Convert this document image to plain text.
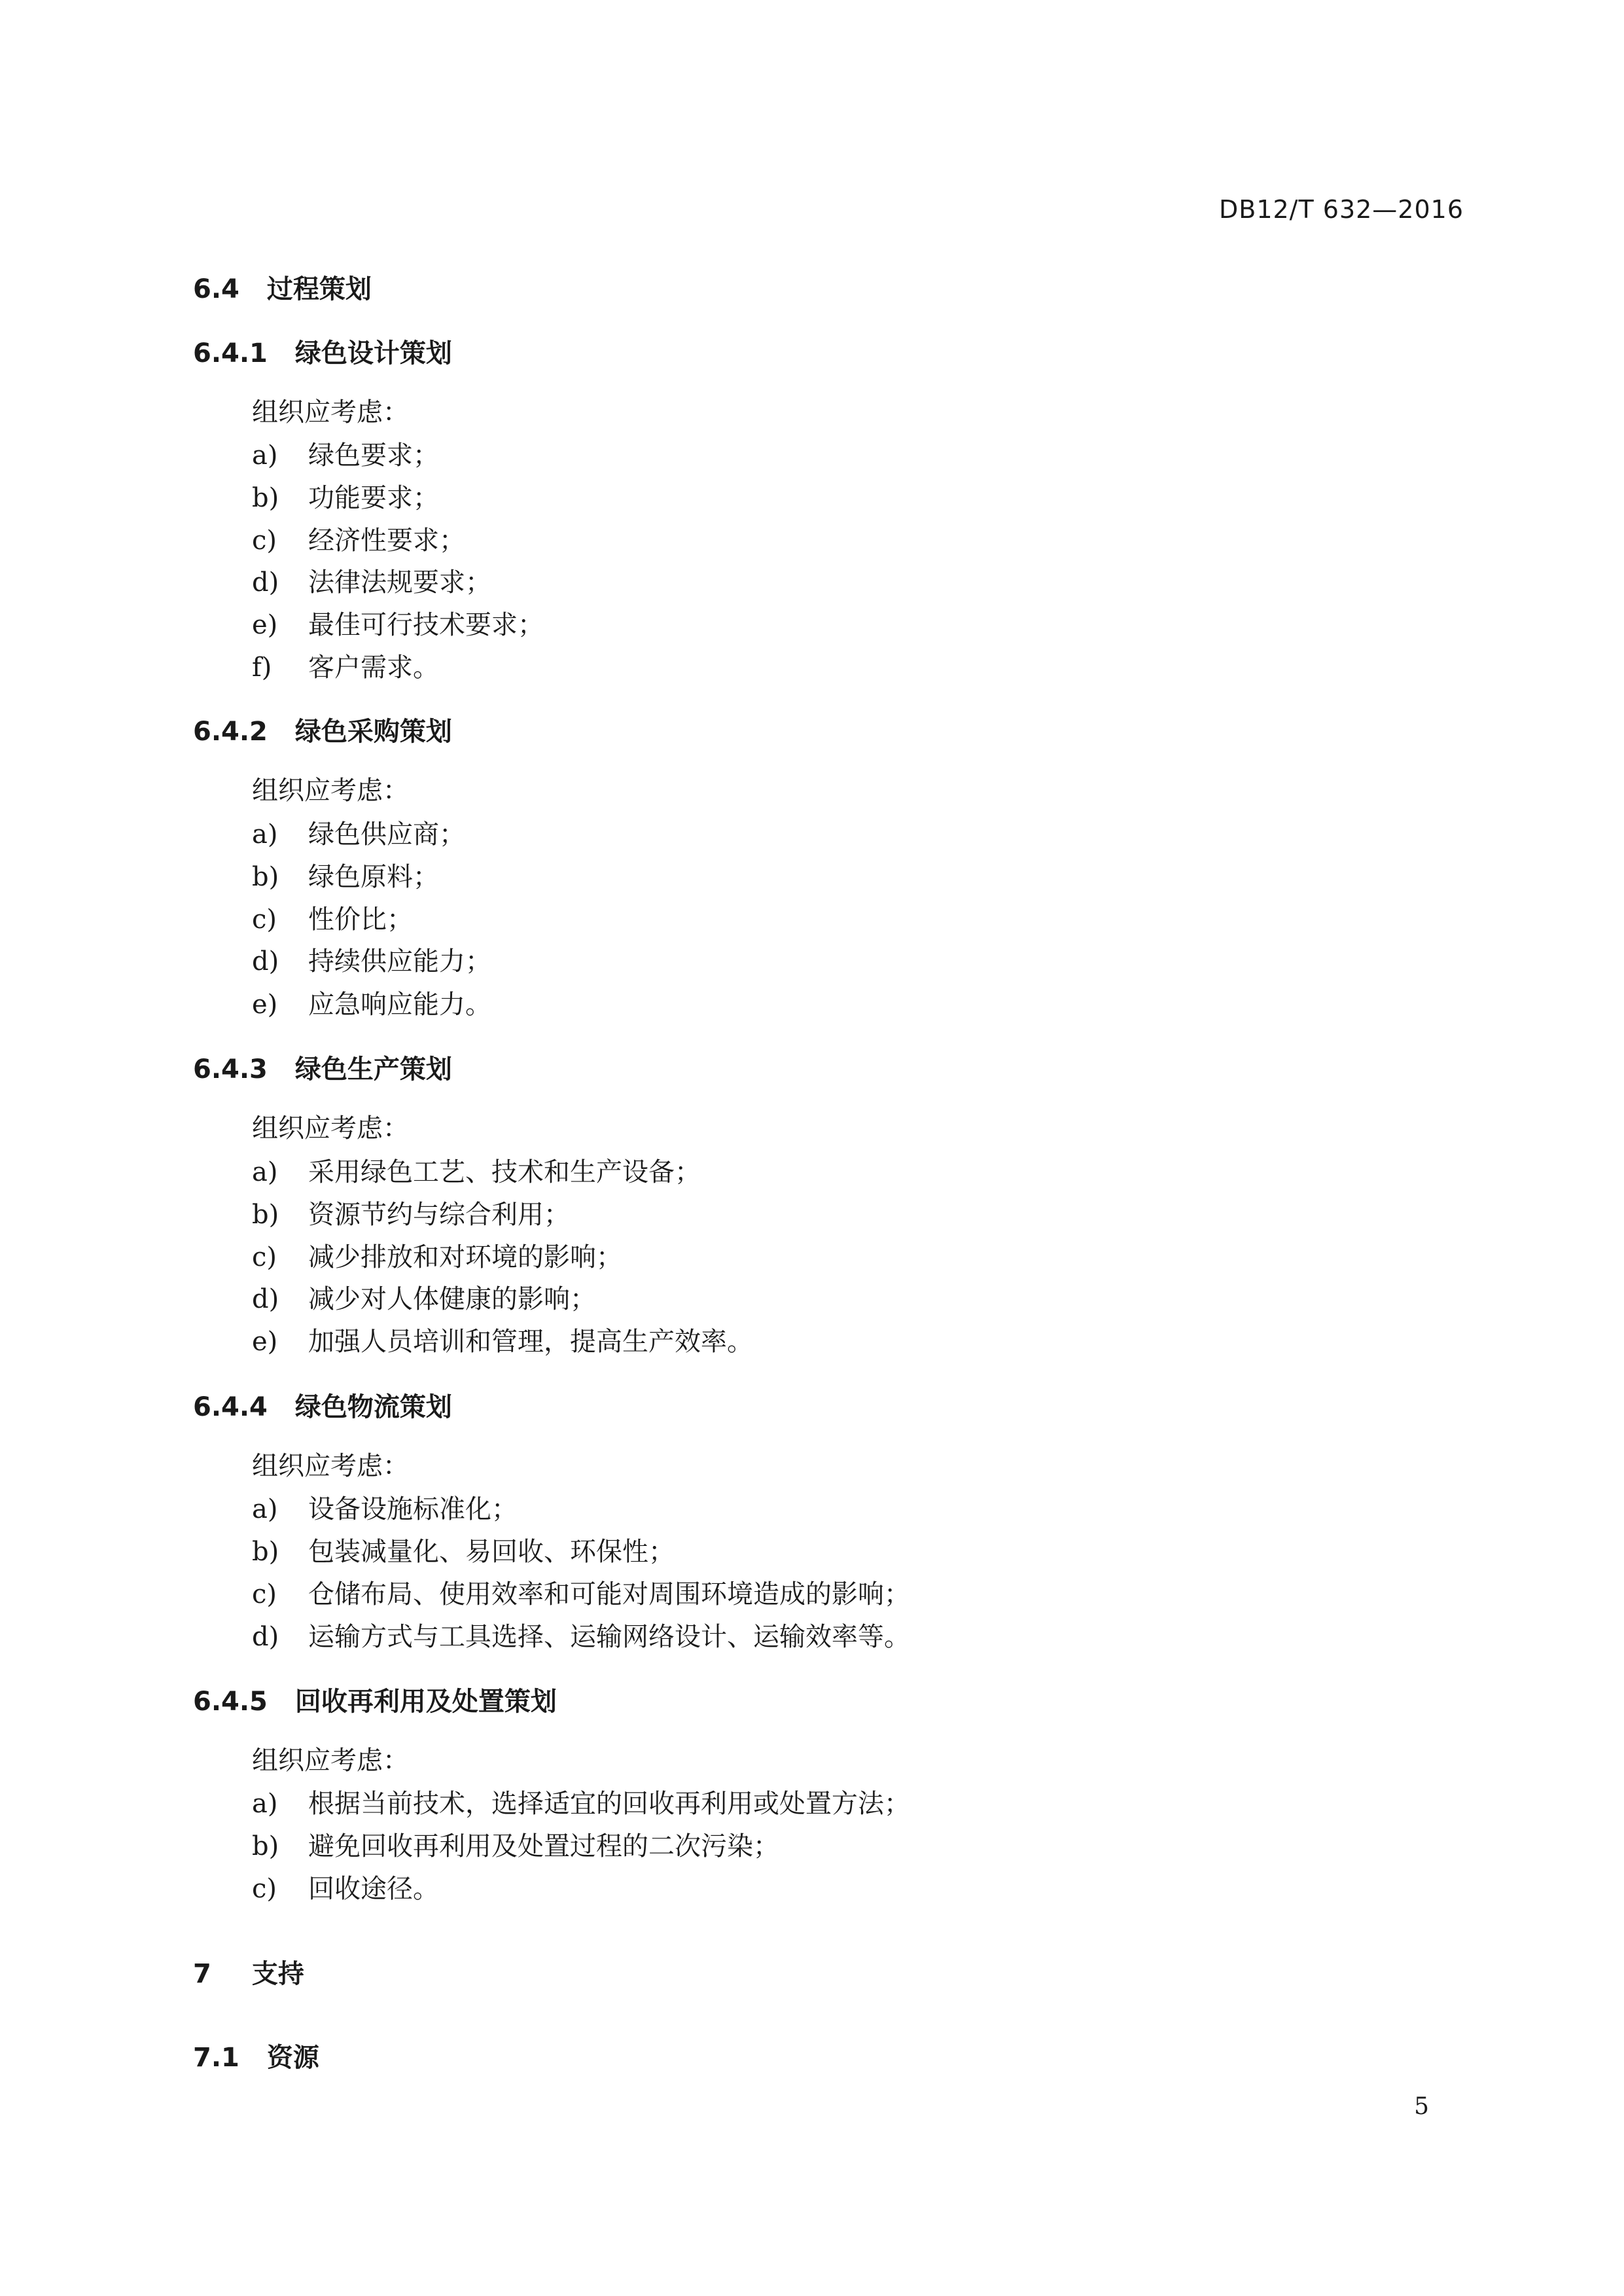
DB12/T 632—2016
6.4 过程策划
6.4.1 绿色设计策划
组织应考虑：
a) 绿色要求；
b) 功能要求；
c) 经济性要求；
d) 法律法规要求；
e) 最佳可行技术要求；
f) 客户需求。
6.4.2 绿色采购策划
组织应考虑：
a) 绿色供应商；
b) 绿色原料；
c) 性价比；
d) 持续供应能力；
e) 应急响应能力。
6.4.3 绿色生产策划
组织应考虑：
a) 采用绿色工艺、技术和生产设备；
b) 资源节约与综合利用；
c) 减少排放和对环境的影响；
d) 减少对人体健康的影响；
e) 加强人员培训和管理，提高生产效率。
6.4.4 绿色物流策划
组织应考虑：
a) 设备设施标准化；
b) 包装减量化、易回收、环保性；
c) 仓储布局、使用效率和可能对周围环境造成的影响；
d) 运输方式与工具选择、运输网络设计、运输效率等。
6.4.5 回收再利用及处置策划
组织应考虑：
a) 根据当前技术，选择适宜的回收再利用或处置方法；
b) 避免回收再利用及处置过程的二次污染；
c) 回收途径。
7 支持
7.1 资源
5
